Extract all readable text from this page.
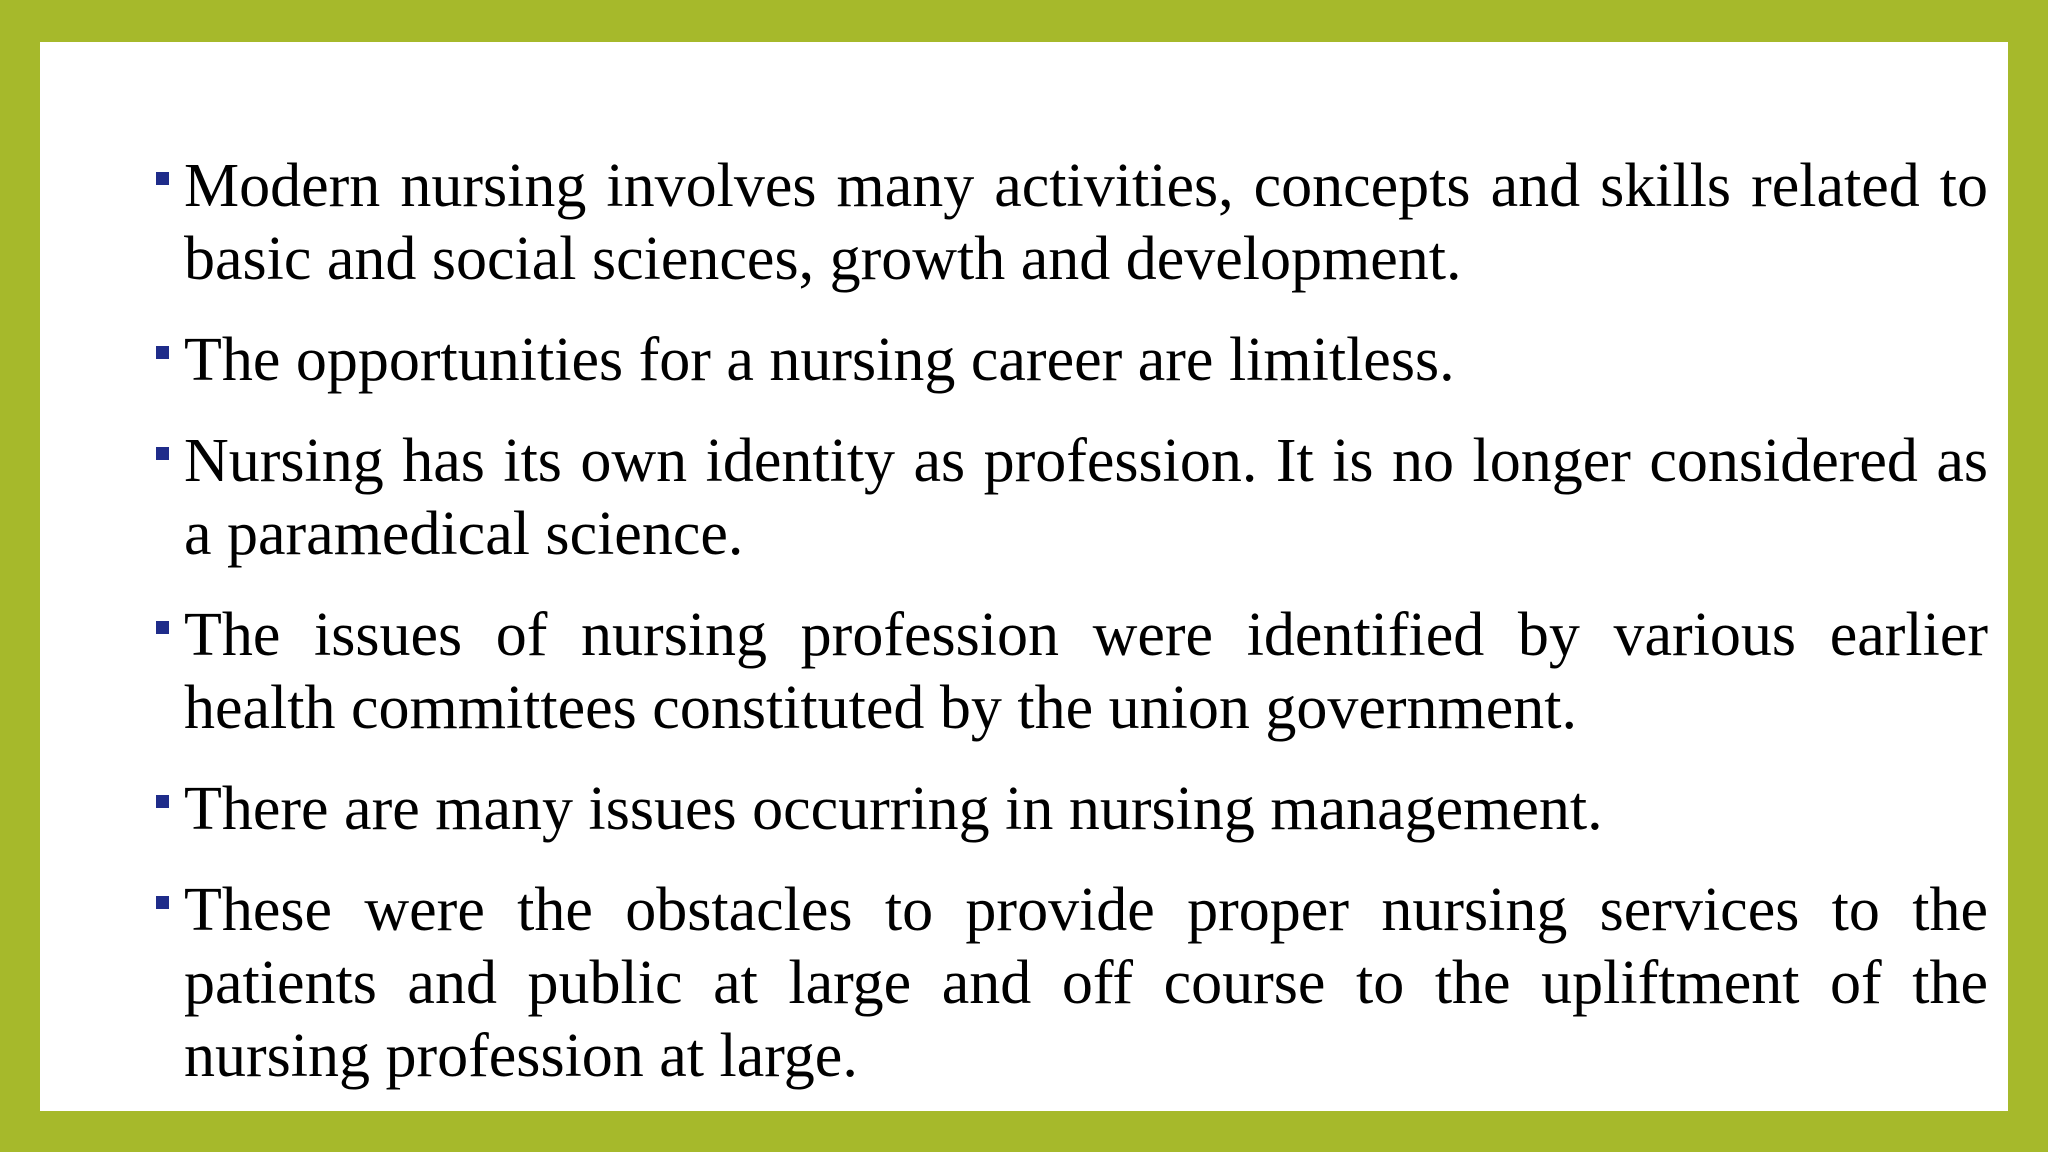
Modern nursing involves many activities, concepts and skills related to basic and social sciences, growth and development.
The opportunities for a nursing career are limitless.
Nursing has its own identity as profession. It is no longer considered as a paramedical science.
The issues of nursing profession were identified by various earlier health committees constituted by the union government.
There are many issues occurring in nursing management.
These were the obstacles to provide proper nursing services to the patients and public at large and off course to the upliftment of the nursing profession at large.
